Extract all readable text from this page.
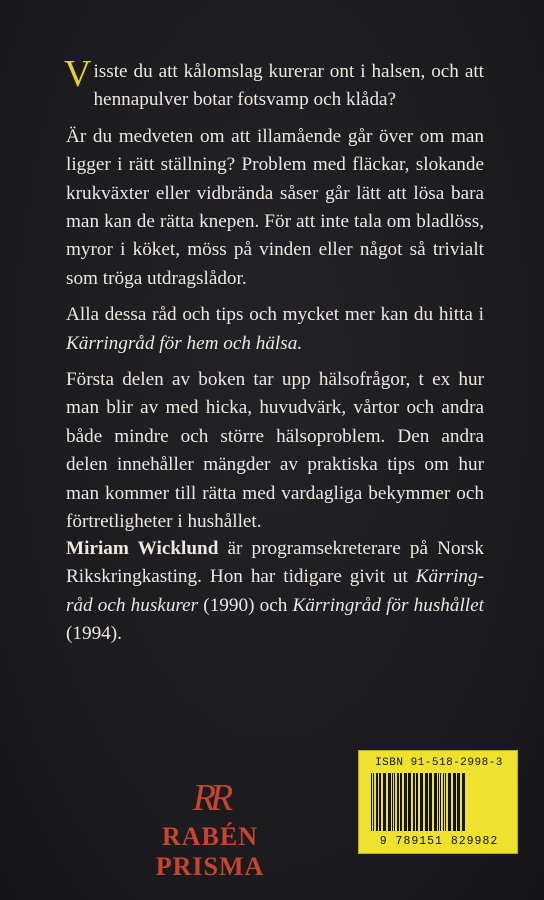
Visste du att kålomslag kurerar ont i halsen, och att hennapulver botar fotsvamp och klåda?

Är du medveten om att illamående går över om man ligger i rätt ställning? Problem med fläckar, slokande krukväxter eller vidbrända såser går lätt att lösa bara man kan de rätta knepen. För att inte tala om bladlöss, myror i köket, möss på vinden eller något så trivialt som tröga utdragslådor.

Alla dessa råd och tips och mycket mer kan du hitta i Kärringråd för hem och hälsa.

Första delen av boken tar upp hälsofrågor, t ex hur man blir av med hicka, huvudvärk, vårtor och andra både mindre och större hälsoproblem. Den andra delen innehåller mängder av praktiska tips om hur man kommer till rätta med vardagliga bekymmer och förtretligheter i hushållet.

Miriam Wicklund är programsekreterare på Norsk Rikskringkasting. Hon har tidigare givit ut Kärringråd och huskurer (1990) och Kärringråd för hushållet (1994).

RR
RABÉN PRISMA
ISBN 91-518-2998-3
9 789151 829982
